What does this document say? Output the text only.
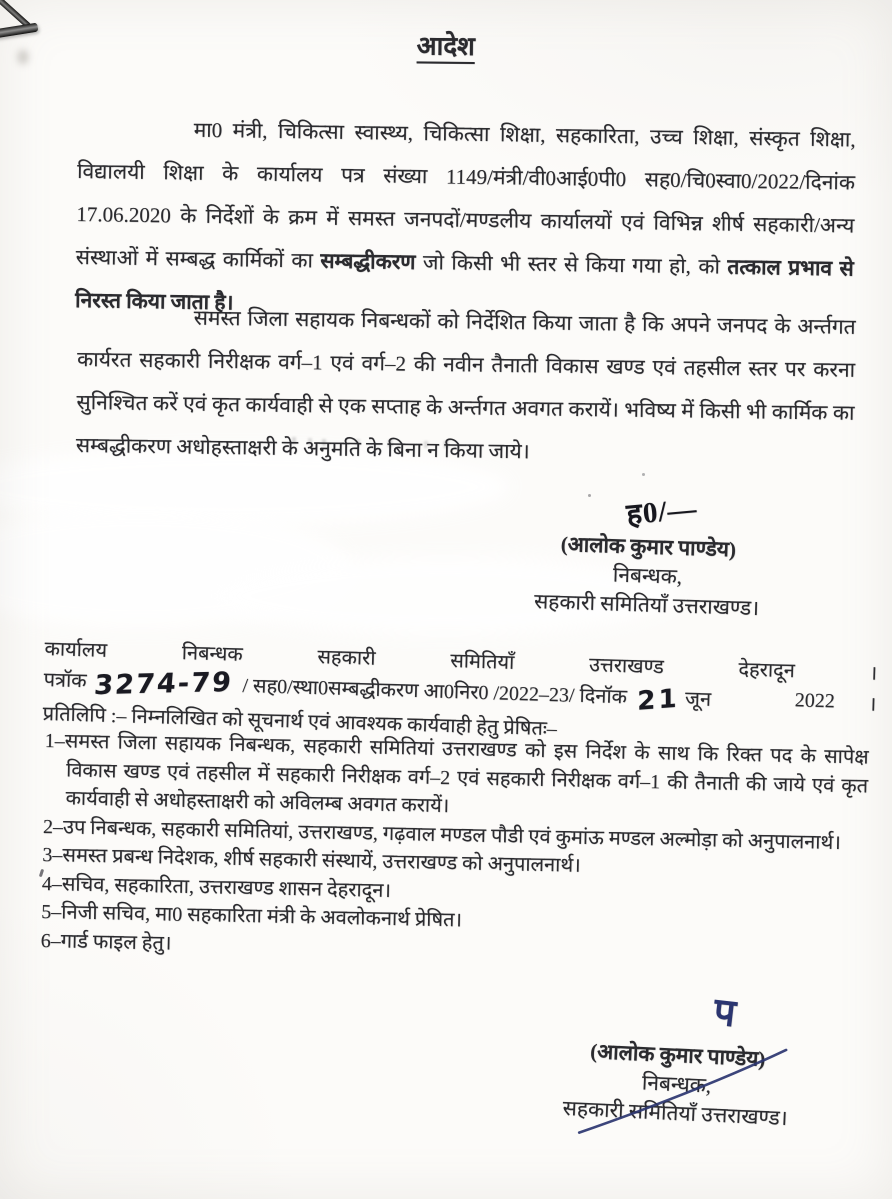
आदेश

मा0 मंत्री, चिकित्सा स्वास्थ्य, चिकित्सा शिक्षा, सहकारिता, उच्च शिक्षा, संस्कृत शिक्षा, विद्यालयी शिक्षा के कार्यालय पत्र संख्या 1149/मंत्री/वी0आई0पी0 सह0/चि0स्वा0/2022/दिनांक 17.06.2020 के निर्देशों के क्रम में समस्त जनपदों/मण्डलीय कार्यालयों एवं विभिन्न शीर्ष सहकारी/अन्य संस्थाओं में सम्बद्ध कार्मिकों का सम्बद्धीकरण जो किसी भी स्तर से किया गया हो, को तत्काल प्रभाव से निरस्त किया जाता है।

समस्त जिला सहायक निबन्धकों को निर्देशित किया जाता है कि अपने जनपद के अर्न्तगत कार्यरत सहकारी निरीक्षक वर्ग–1 एवं वर्ग–2 की नवीन तैनाती विकास खण्ड एवं तहसील स्तर पर करना सुनिश्चित करें एवं कृत कार्यवाही से एक सप्ताह के अर्न्तगत अवगत करायें। भविष्य में किसी भी कार्मिक का सम्बद्धीकरण अधोहस्ताक्षरी के अनुमति के बिना न किया जाये।

ह0/—
(आलोक कुमार पाण्डेय)
निबन्धक,
सहकारी समितियाँ उत्तराखण्ड।
कार्यालय	निबन्धक	सहकारी	समितियाँ	उत्तराखण्ड	देहरादून	।
पत्रॉक 3274-79 / सह0/स्था0सम्बद्धीकरण आ0निर0 /2022–23/ दिनॉक 21 जून	2022 ।
प्रतिलिपि :– निम्नलिखित को सूचनार्थ एवं आवश्यक कार्यवाही हेतु प्रेषितः–
1–समस्त जिला सहायक निबन्धक, सहकारी समितियां उत्तराखण्ड को इस निर्देश के साथ कि रिक्त पद के सापेक्ष विकास खण्ड एवं तहसील में सहकारी निरीक्षक वर्ग–2 एवं सहकारी निरीक्षक वर्ग–1 की तैनाती की जाये एवं कृत कार्यवाही से अधोहस्ताक्षरी को अविलम्ब अवगत करायें।
2–उप निबन्धक, सहकारी समितियां, उत्तराखण्ड, गढ़वाल मण्डल पौडी एवं कुमांऊ मण्डल अल्मोड़ा को अनुपालनार्थ।
3–समस्त प्रबन्ध निदेशक, शीर्ष सहकारी संस्थायें, उत्तराखण्ड को अनुपालनार्थ।
4–सचिव, सहकारिता, उत्तराखण्ड शासन देहरादून।
5–निजी सचिव, मा0 सहकारिता मंत्री के अवलोकनार्थ प्रेषित।
6–गार्ड फाइल हेतु।
प
(आलोक कुमार पाण्डेय)
निबन्धक,
सहकारी समितियाँ उत्तराखण्ड।
